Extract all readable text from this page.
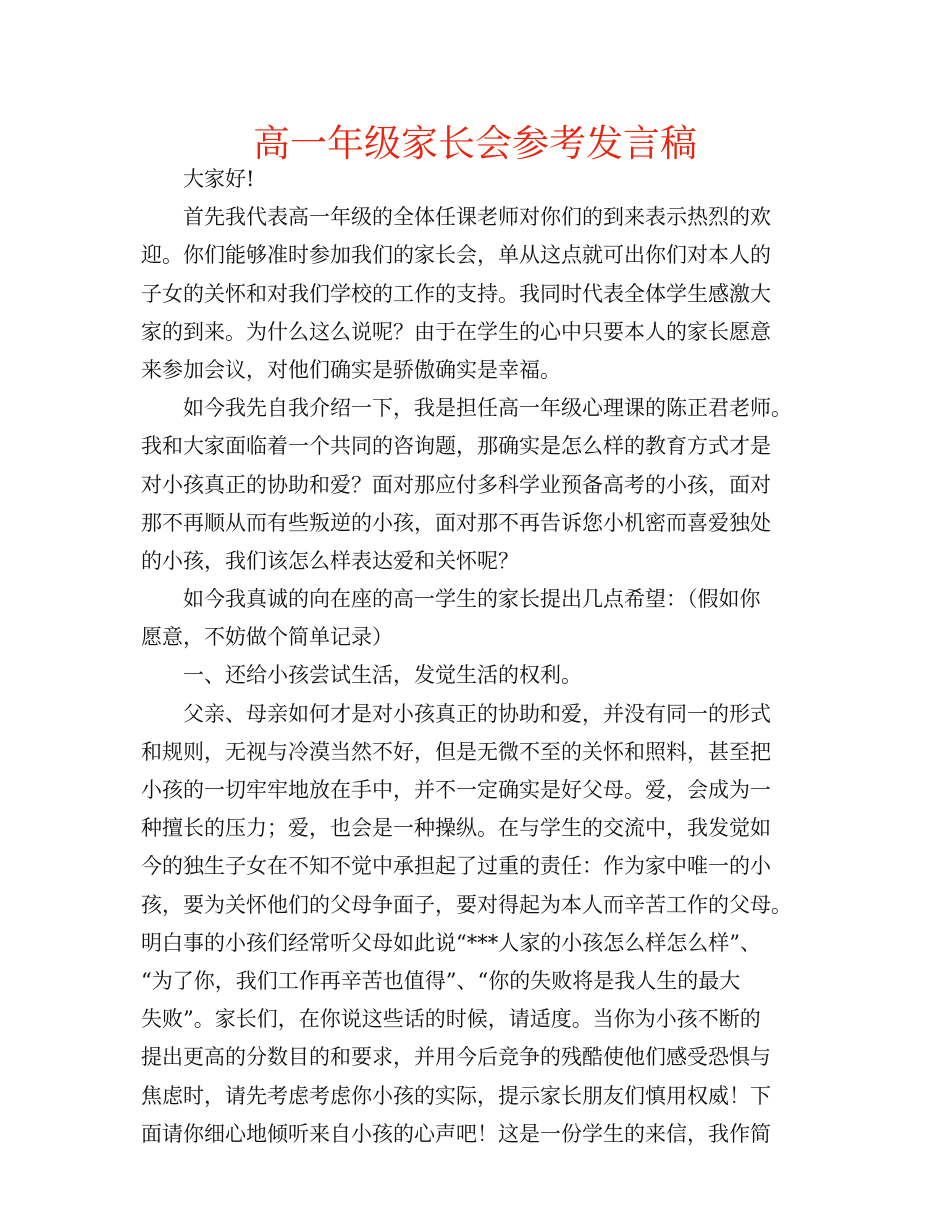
高一年级家长会参考发言稿
大家好!
首先我代表高一年级的全体任课老师对你们的到来表示热烈的欢
迎。你们能够准时参加我们的家长会，单从这点就可出你们对本人的
子女的关怀和对我们学校的工作的支持。我同时代表全体学生感激大
家的到来。为什么这么说呢？由于在学生的心中只要本人的家长愿意
来参加会议，对他们确实是骄傲确实是幸福。
如今我先自我介绍一下，我是担任高一年级心理课的陈正君老师。
我和大家面临着一个共同的咨询题，那确实是怎么样的教育方式才是
对小孩真正的协助和爱？面对那应付多科学业预备高考的小孩，面对
那不再顺从而有些叛逆的小孩，面对那不再告诉您小机密而喜爱独处
的小孩，我们该怎么样表达爱和关怀呢？
如今我真诚的向在座的高一学生的家长提出几点希望：（假如你
愿意，不妨做个简单记录）
一、还给小孩尝试生活，发觉生活的权利。
父亲、母亲如何才是对小孩真正的协助和爱，并没有同一的形式
和规则，无视与冷漠当然不好，但是无微不至的关怀和照料，甚至把
小孩的一切牢牢地放在手中，并不一定确实是好父母。爱，会成为一
种擅长的压力；爱，也会是一种操纵。在与学生的交流中，我发觉如
今的独生子女在不知不觉中承担起了过重的责任：作为家中唯一的小
孩，要为关怀他们的父母争面子，要对得起为本人而辛苦工作的父母。
明白事的小孩们经常听父母如此说“***人家的小孩怎么样怎么样”、
“为了你，我们工作再辛苦也值得”、“你的失败将是我人生的最大
失败”。家长们，在你说这些话的时候，请适度。当你为小孩不断的
提出更高的分数目的和要求，并用今后竞争的残酷使他们感受恐惧与
焦虑时，请先考虑考虑你小孩的实际，提示家长朋友们慎用权威！下
面请你细心地倾听来自小孩的心声吧！这是一份学生的来信，我作简
